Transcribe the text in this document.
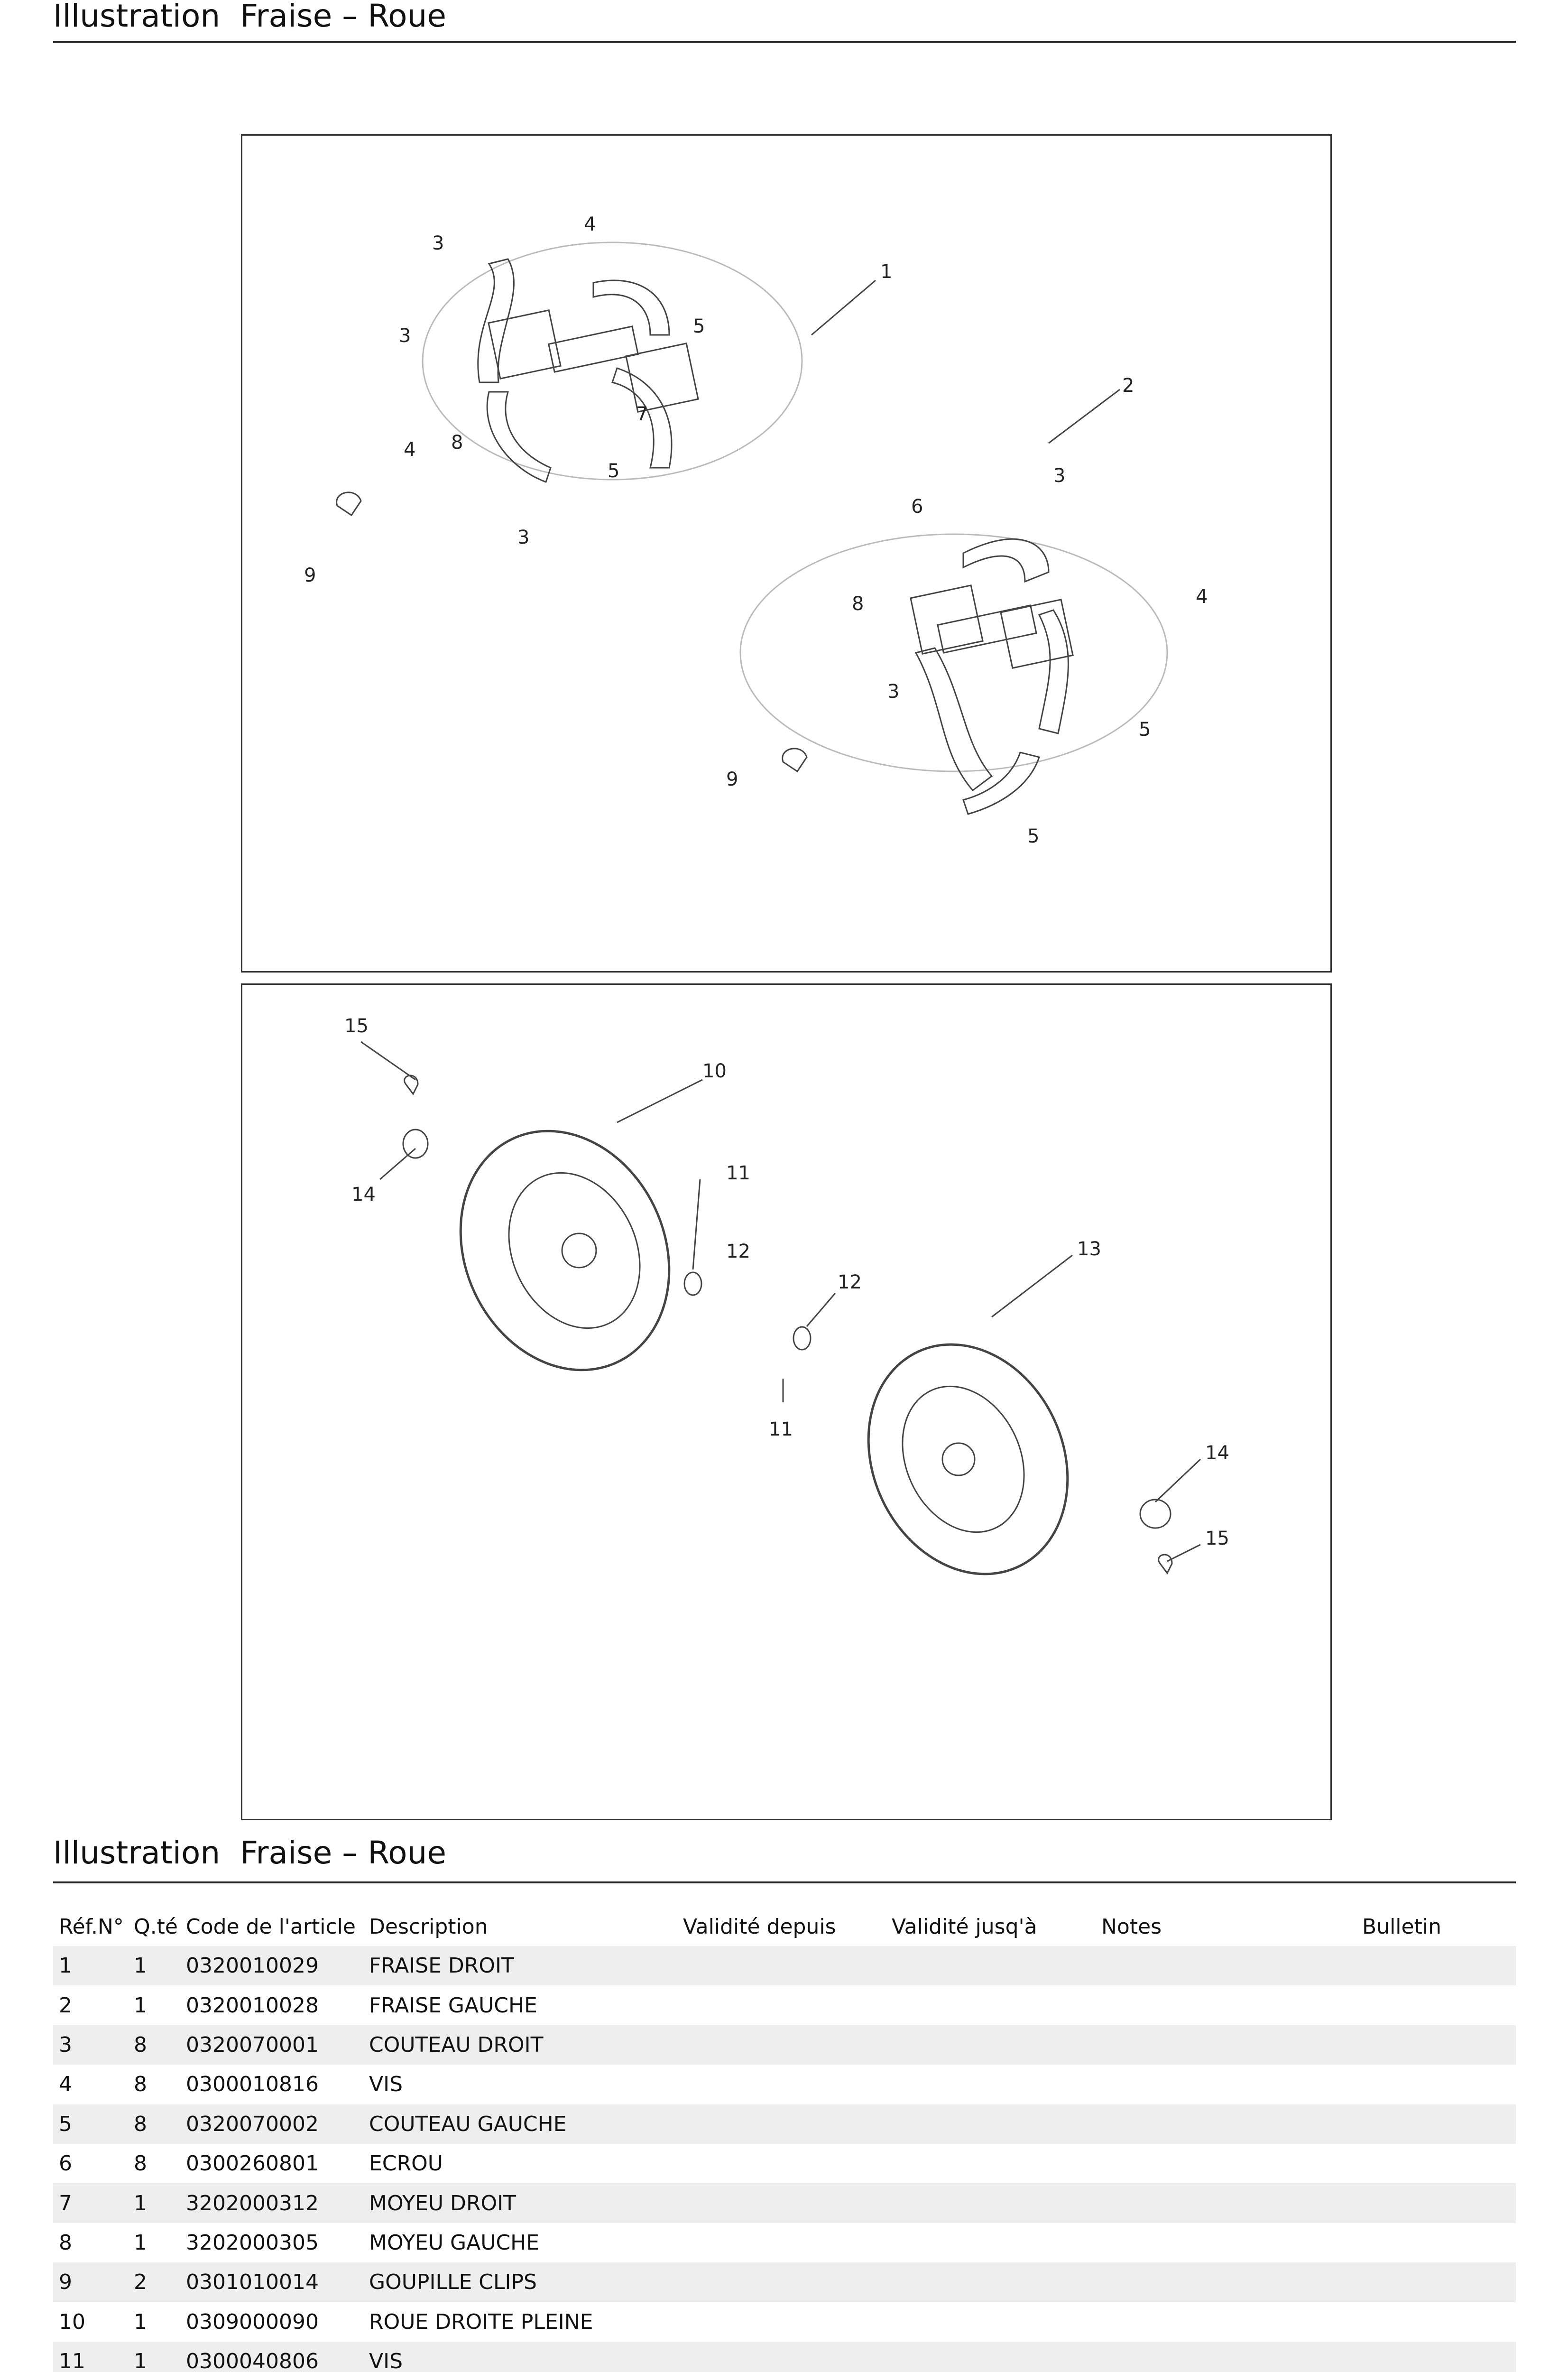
Illustration  Fraise – Roue
1
2
3
4
5
3
4 8
5
7
3
9
6
3
8	4
3
5
9
5
15
10
14
11
12	13
12
11
14
15
Illustration  Fraise – Roue
Réf.N°	Q.té	Code de l'article	Description	Validité depuis	Validité jusq'à	Notes	Bulletin
1	1	0320010029	FRAISE DROIT				
2	1	0320010028	FRAISE GAUCHE				
3	8	0320070001	COUTEAU DROIT				
4	8	0300010816	VIS				
5	8	0320070002	COUTEAU GAUCHE				
6	8	0300260801	ECROU				
7	1	3202000312	MOYEU DROIT				
8	1	3202000305	MOYEU GAUCHE				
9	2	0301010014	GOUPILLE CLIPS				
10	1	0309000090	ROUE DROITE PLEINE				
11	1	0300040806	VIS				
